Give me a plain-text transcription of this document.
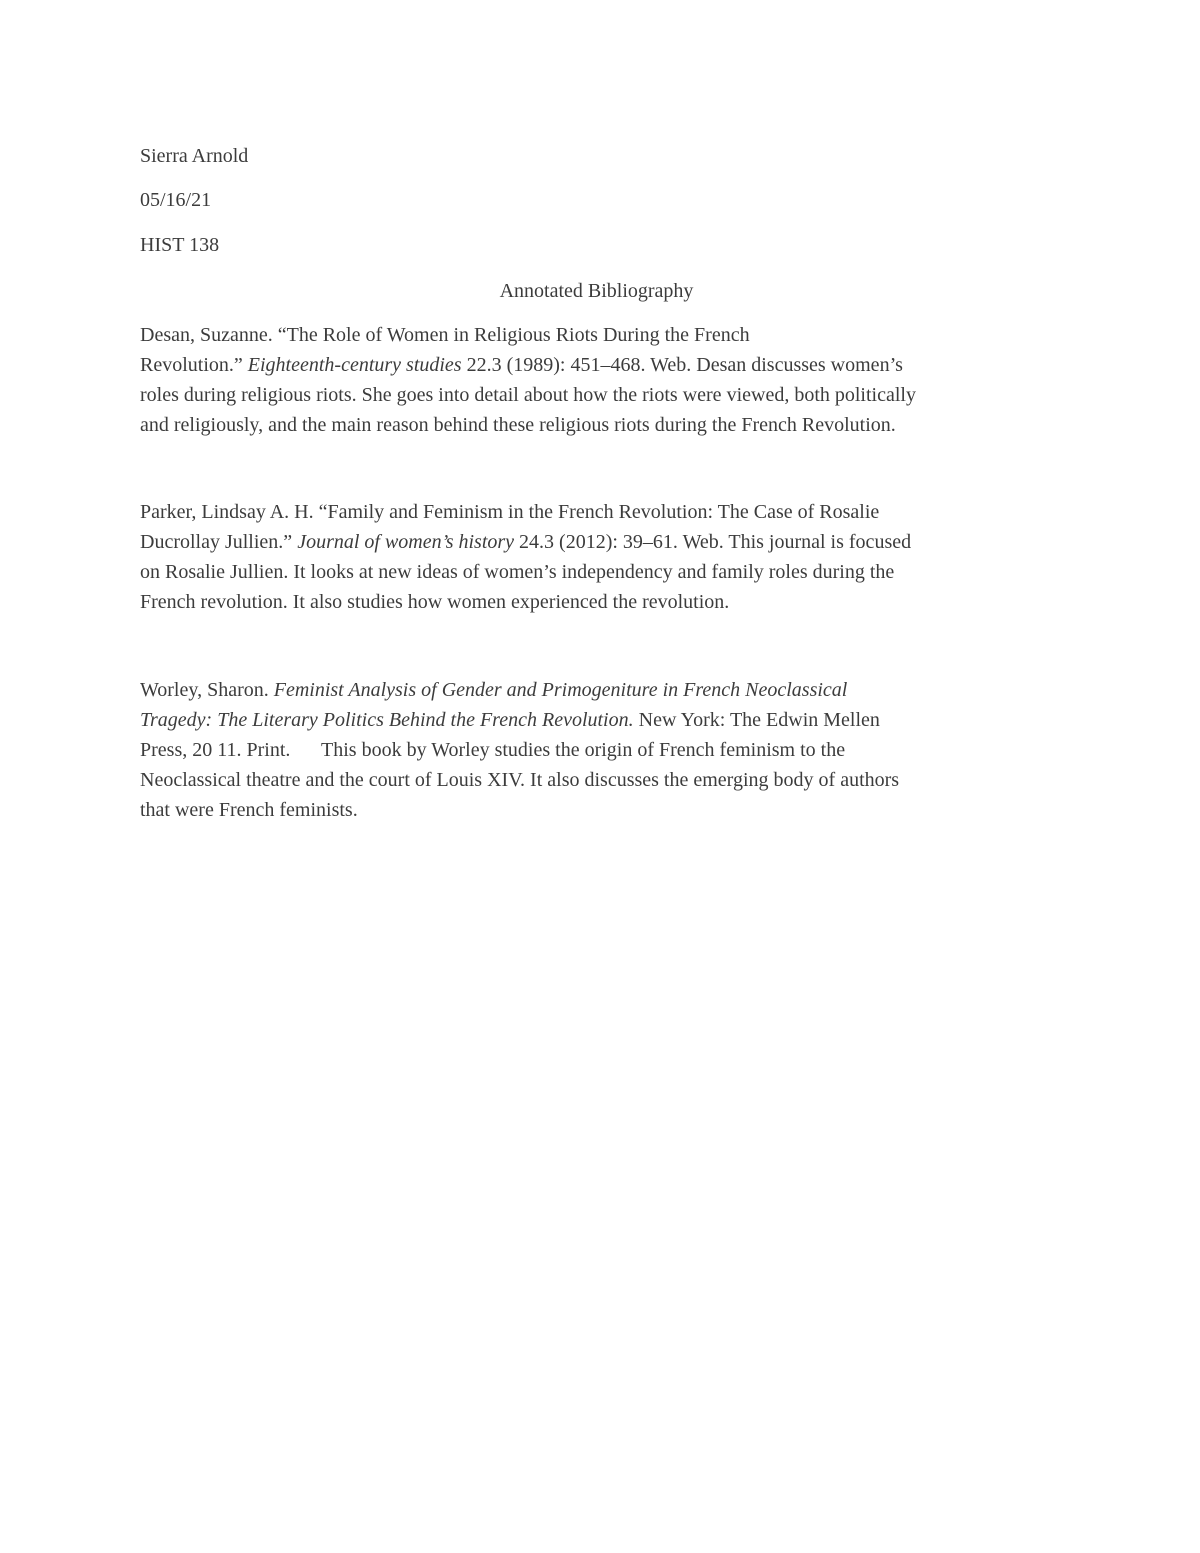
Sierra Arnold

05/16/21

HIST 138

Annotated Bibliography
Desan, Suzanne. “The Role of Women in Religious Riots During the French
Revolution.” Eighteenth-century studies 22.3 (1989): 451–468. Web. Desan discusses women’s
roles during religious riots. She goes into detail about how the riots were viewed, both politically
and religiously, and the main reason behind these religious riots during the French Revolution.
Parker, Lindsay A. H. “Family and Feminism in the French Revolution: The Case of Rosalie
Ducrollay Jullien.” Journal of women’s history 24.3 (2012): 39–61. Web. This journal is focused
on Rosalie Jullien. It looks at new ideas of women’s independency and family roles during the
French revolution. It also studies how women experienced the revolution.
Worley, Sharon. Feminist Analysis of Gender and Primogeniture in French Neoclassical
Tragedy: The Literary Politics Behind the French Revolution. New York: The Edwin Mellen
Press, 20 11. Print. This book by Worley studies the origin of French feminism to the
Neoclassical theatre and the court of Louis XIV. It also discusses the emerging body of authors
that were French feminists.
